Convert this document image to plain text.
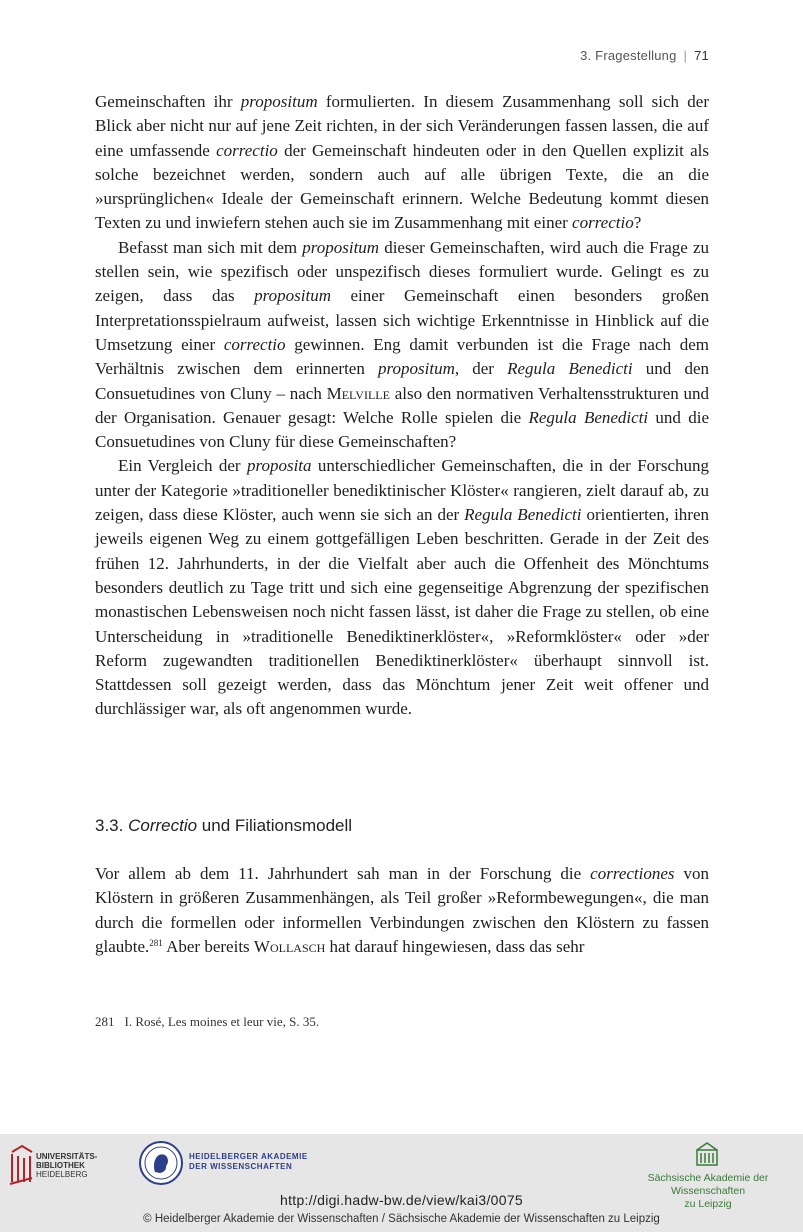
3. Fragestellung | 71

Gemeinschaften ihr propositum formulierten. In diesem Zusammenhang soll sich der Blick aber nicht nur auf jene Zeit richten, in der sich Veränderungen fassen lassen, die auf eine umfassende correctio der Gemeinschaft hindeuten oder in den Quellen explizit als solche bezeichnet werden, sondern auch auf alle übrigen Texte, die an die »ursprünglichen« Ideale der Gemeinschaft erinnern. Welche Bedeutung kommt diesen Texten zu und inwiefern stehen auch sie im Zusammenhang mit einer correctio?

Befasst man sich mit dem propositum dieser Gemeinschaften, wird auch die Frage zu stellen sein, wie spezifisch oder unspezifisch dieses formuliert wurde. Gelingt es zu zeigen, dass das propositum einer Gemeinschaft einen besonders großen Interpretationsspielraum aufweist, lassen sich wichtige Erkenntnisse in Hinblick auf die Umsetzung einer correctio gewinnen. Eng damit verbunden ist die Frage nach dem Verhältnis zwischen dem erinnerten propositum, der Regula Benedicti und den Consuetudines von Cluny – nach Melville also den normativen Verhaltensstrukturen und der Organisation. Genauer gesagt: Welche Rolle spielen die Regula Benedicti und die Consuetudines von Cluny für diese Gemeinschaften?

Ein Vergleich der proposita unterschiedlicher Gemeinschaften, die in der Forschung unter der Kategorie »traditioneller benediktinischer Klöster« rangieren, zielt darauf ab, zu zeigen, dass diese Klöster, auch wenn sie sich an der Regula Benedicti orientierten, ihren jeweils eigenen Weg zu einem gottgefälligen Leben beschritten. Gerade in der Zeit des frühen 12. Jahrhunderts, in der die Vielfalt aber auch die Offenheit des Mönchtums besonders deutlich zu Tage tritt und sich eine gegenseitige Abgrenzung der spezifischen monastischen Lebensweisen noch nicht fassen lässt, ist daher die Frage zu stellen, ob eine Unterscheidung in »traditionelle Benediktinerklöster«, »Reformklöster« oder »der Reform zugewandten traditionellen Benediktinerklöster« überhaupt sinnvoll ist. Stattdessen soll gezeigt werden, dass das Mönchtum jener Zeit weit offener und durchlässiger war, als oft angenommen wurde.

3.3. Correctio und Filiationsmodell

Vor allem ab dem 11. Jahrhundert sah man in der Forschung die correctiones von Klöstern in größeren Zusammenhängen, als Teil großer »Reformbewegungen«, die man durch die formellen oder informellen Verbindungen zwischen den Klöstern zu fassen glaubte.$^{281}$ Aber bereits Wollasch hat darauf hingewiesen, dass das sehr

281 I. Rosé, Les moines et leur vie, S. 35.
UNIVERSITÄTS-
BIBLIOTHEK
HEIDELBERG
HEIDELBERGER AKADEMIE
DER WISSENSCHAFTEN
Sächsische Akademie der Wissenschaften
zu Leipzig
http://digi.hadw-bw.de/view/kai3/0075
© Heidelberger Akademie der Wissenschaften / Sächsische Akademie der Wissenschaften zu Leipzig
